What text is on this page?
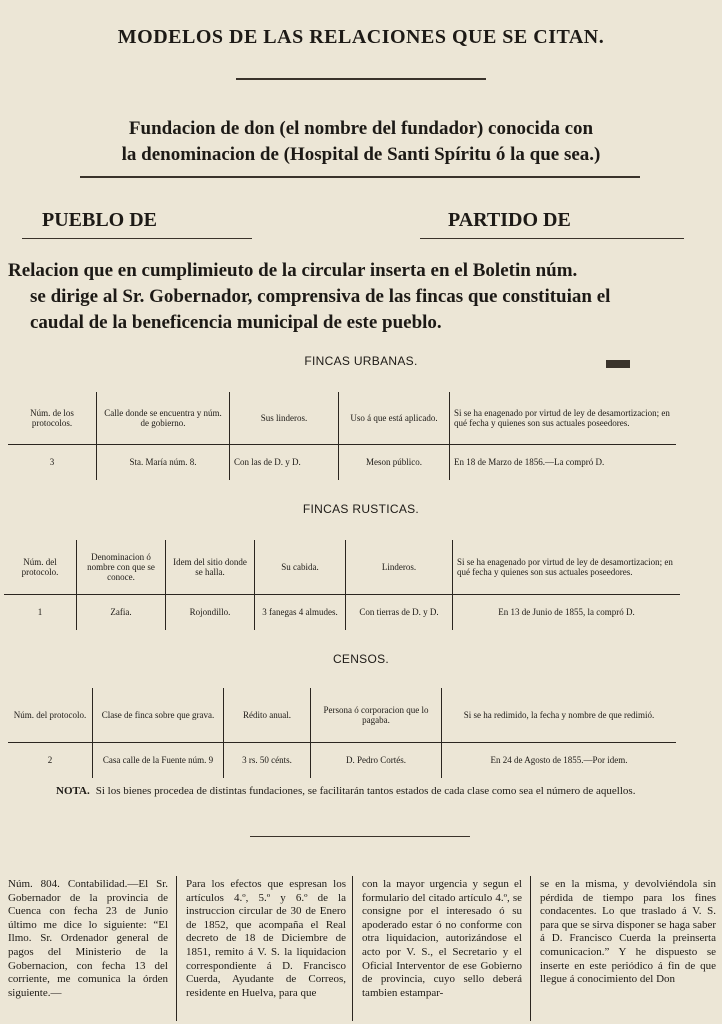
MODELOS DE LAS RELACIONES QUE SE CITAN.
Fundacion de don (el nombre del fundador) conocida con
la denominacion de (Hospital de Santi Spíritu ó la que sea.)
PUEBLO DE	PARTIDO DE
Relacion que en cumplimieuto de la circular inserta en el Boletin núm.
se dirige al Sr. Gobernador, comprensiva de las fincas que constituian el
caudal de la beneficencia municipal de este pueblo.
FINCAS URBANAS.
Núm. de los protocolos.	Calle donde se encuentra y núm. de gobierno.	Sus linderos.	Uso á que está aplicado.	Si se ha enagenado por virtud de ley de desamortizacion; en qué fecha y quienes son sus actuales poseedores.
3	Sta. María núm. 8.	Con las de D. y D.	Meson público.	En 18 de Marzo de 1856.—La compró D.
FINCAS RUSTICAS.
Núm. del protocolo.	Denominacion ó nombre con que se conoce.	Idem del sitio donde se halla.	Su cabida.	Linderos.	Si se ha enagenado por virtud de ley de desamortizacion; en qué fecha y quienes son sus actuales poseedores.
1	Zafia.	Rojondillo.	3 fanegas 4 almudes.	Con tierras de D. y D.	En 13 de Junio de 1855, la compró D.
CENSOS.
Núm. del protocolo.	Clase de finca sobre que grava.	Rédito anual.	Persona ó corporacion que lo pagaba.	Si se ha redimido, la fecha y nombre de que redimió.
2	Casa calle de la Fuente núm. 9	3 rs. 50 cénts.	D. Pedro Cortés.	En 24 de Agosto de 1855.—Por idem.
NOTA. Si los bienes procedea de distintas fundaciones, se facilitarán tantos estados de cada clase como sea el número de aquellos.
Núm. 804. Contabilidad.—El Sr. Gobernador de la provincia de Cuenca con fecha 23 de Junio último me dice lo siguiente: “El Ilmo. Sr. Ordenador general de pagos del Ministerio de la Gobernacion, con fecha 13 del corriente, me comunica la órden siguiente.—
Para los efectos que espresan los artículos 4.º, 5.º y 6.º de la instruccion circular de 30 de Enero de 1852, que acompaña el Real decreto de 18 de Diciembre de 1851, remito á V. S. la liquidacion correspondiente á D. Francisco Cuerda, Ayudante de Correos, residente en Huelva, para que
con la mayor urgencia y segun el formulario del citado artículo 4.º, se consigne por el interesado ó su apoderado estar ó no conforme con otra liquidacion, autorizándose el acto por V. S., el Secretario y el Oficial Interventor de ese Gobierno de provincia, cuyo sello deberá tambien estampar-
se en la misma, y devolviéndola sin pérdida de tiempo para los fines condacentes. Lo que traslado á V. S. para que se sirva disponer se haga saber á D. Francisco Cuerda la preinserta comunicacion.” Y he dispuesto se inserte en este periódico á fin de que llegue á conocimiento del Don
